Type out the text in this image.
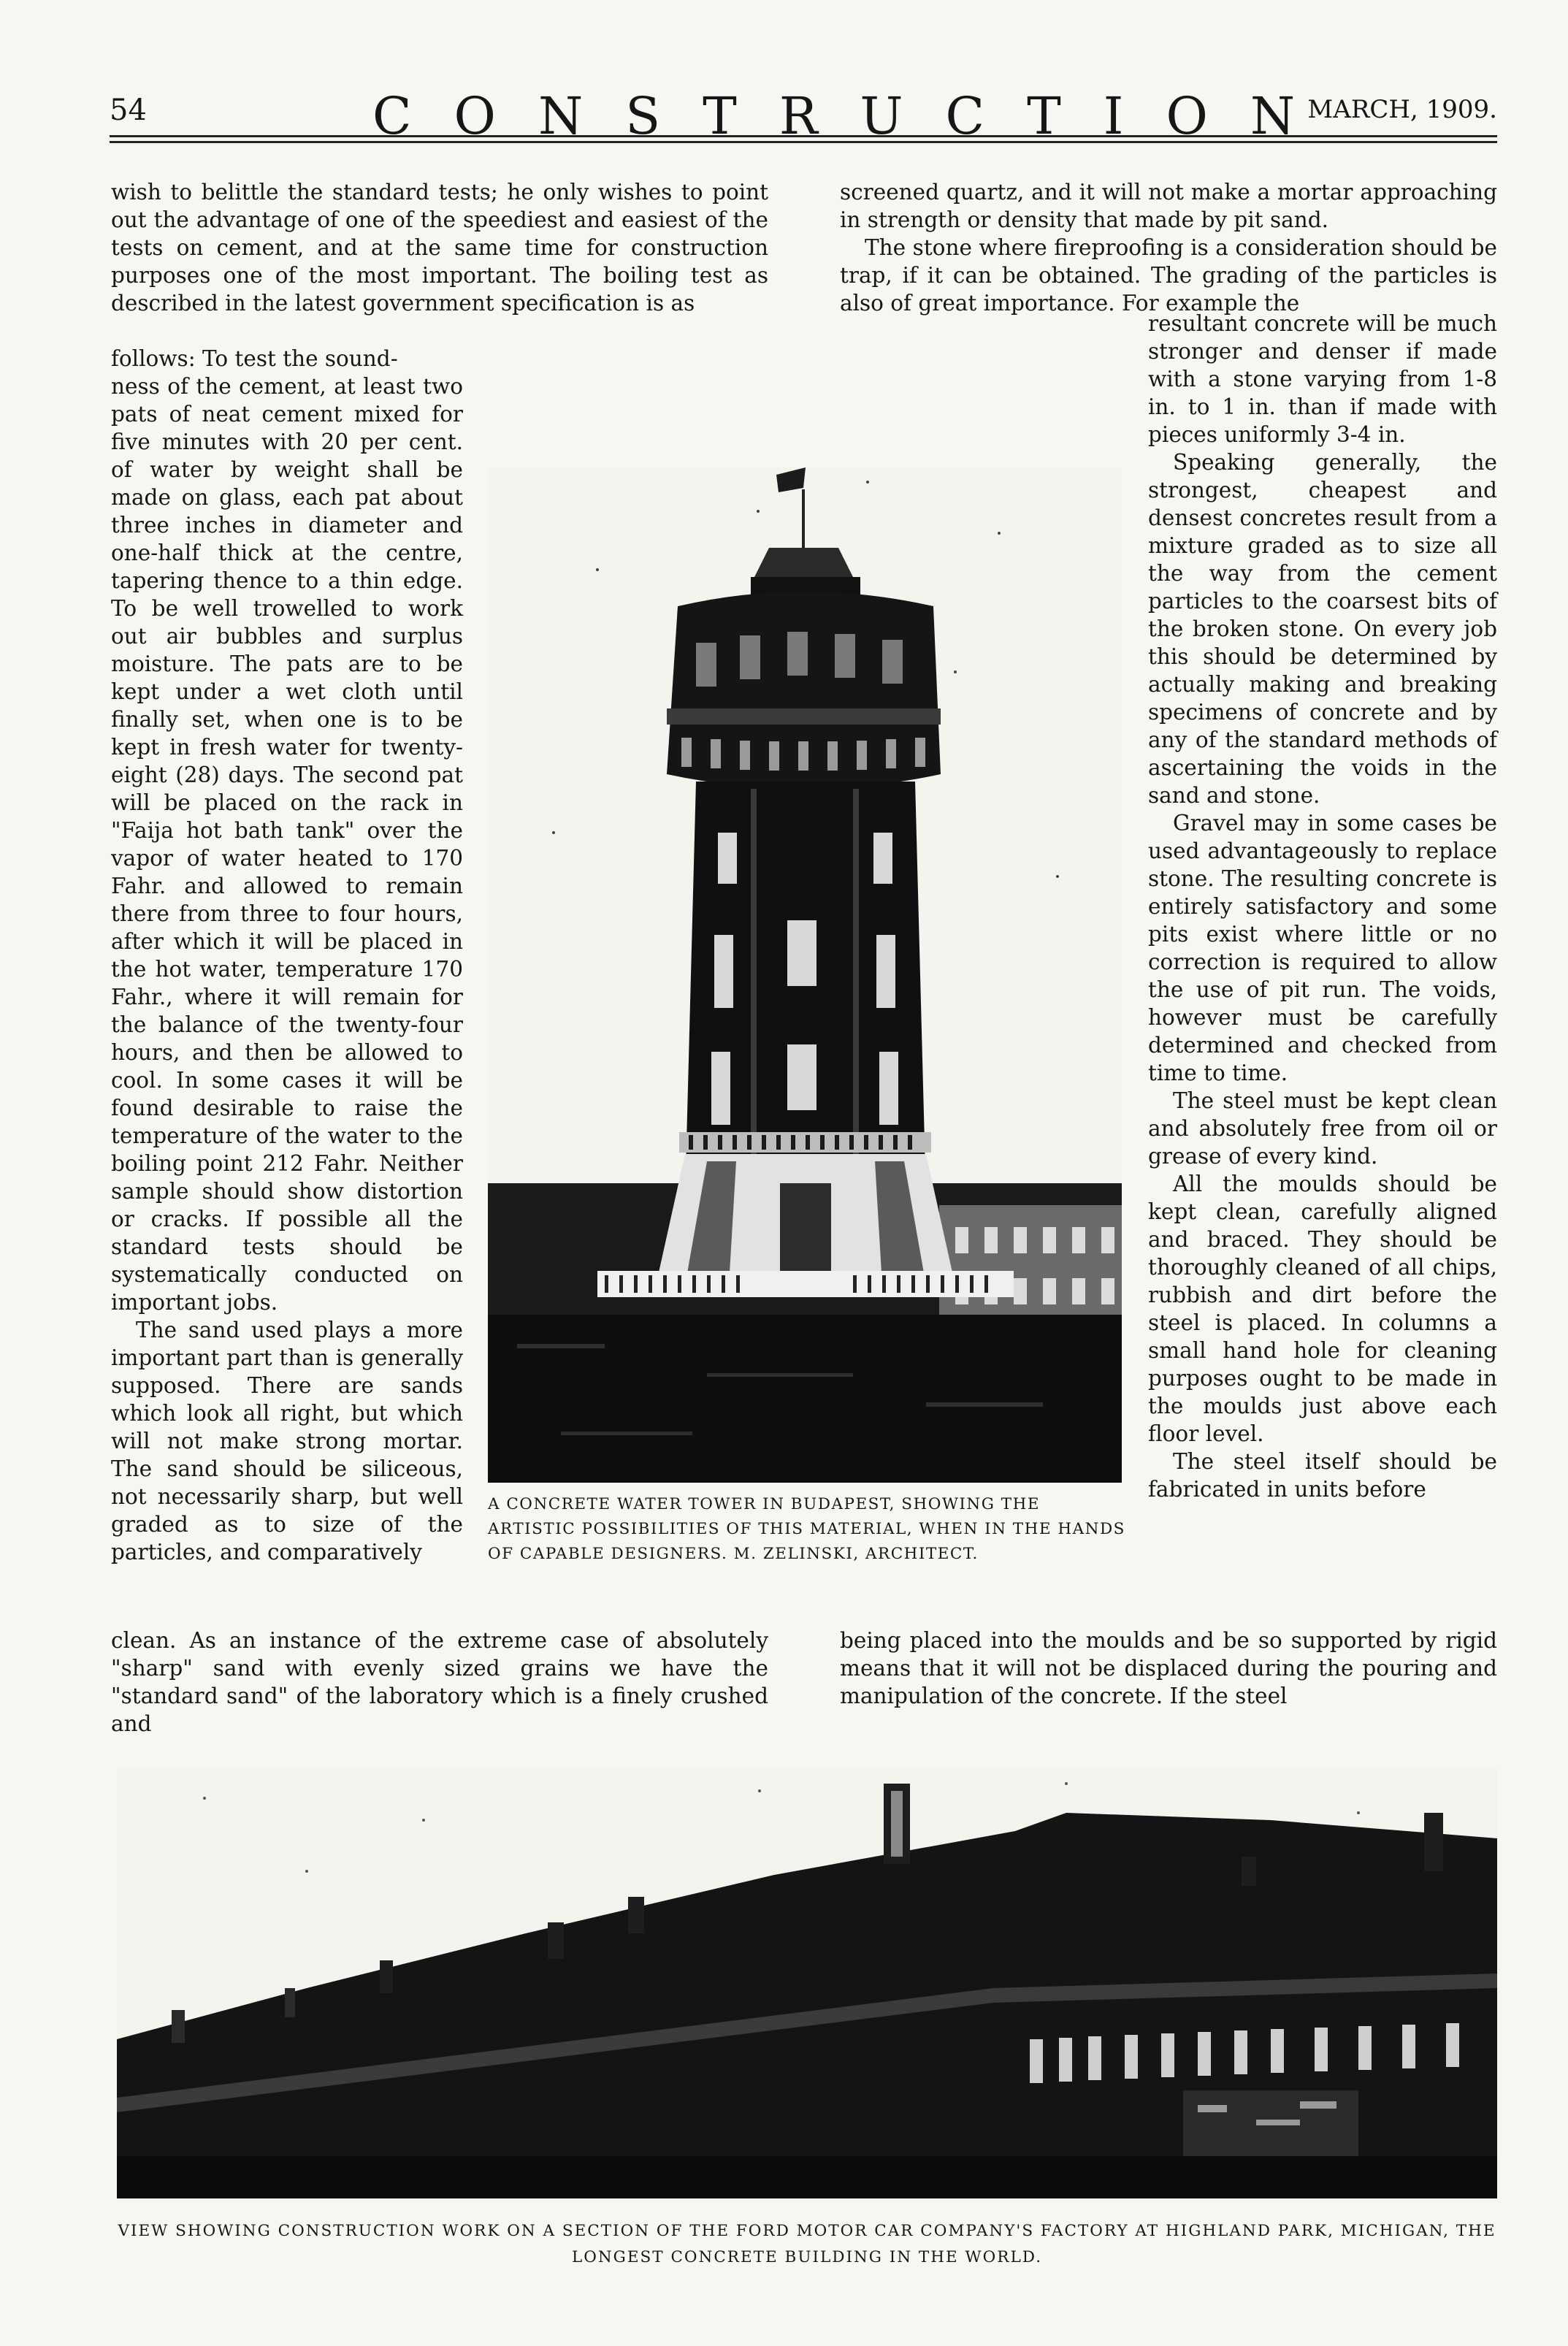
54	CONSTRUCTION
MARCH, 1909.

wish to belittle the standard tests; he only wishes to point out the advantage of one of the speediest and easiest of the tests on cement, and at the same time for construction purposes one of the most important. The boiling test as described in the latest government specification is as

follows: To test the sound-

ness of the cement, at least two pats of neat cement mixed for five minutes with 20 per cent. of water by weight shall be made on glass, each pat about three inches in diameter and one-half thick at the centre, tapering thence to a thin edge. To be well trowelled to work out air bubbles and surplus moisture. The pats are to be kept under a wet cloth until finally set, when one is to be kept in fresh water for twenty-eight (28) days. The second pat will be placed on the rack in "Faija hot bath tank" over the vapor of water heated to 170 Fahr. and allowed to remain there from three to four hours, after which it will be placed in the hot water, temperature 170 Fahr., where it will remain for the balance of the twenty-four hours, and then be allowed to cool. In some cases it will be found desirable to raise the temperature of the water to the boiling point 212 Fahr. Neither sample should show distortion or cracks. If possible all the standard tests should be systematically conducted on important jobs.

The sand used plays a more important part than is generally supposed. There are sands which look all right, but which will not make strong mortar. The sand should be siliceous, not necessarily sharp, but well graded as to size of the particles, and comparatively

clean. As an instance of the extreme case of absolutely "sharp" sand with evenly sized grains we have the "standard sand" of the laboratory which is a finely crushed and

screened quartz, and it will not make a mortar approaching in strength or density that made by pit sand.

The stone where fireproofing is a consideration should be trap, if it can be obtained. The grading of the particles is also of great importance. For example the

resultant concrete will be much stronger and denser if made with a stone varying from 1-8 in. to 1 in. than if made with pieces uniformly 3-4 in.

Speaking generally, the strongest, cheapest and densest concretes result from a mixture graded as to size all the way from the cement particles to the coarsest bits of the broken stone. On every job this should be determined by actually making and breaking specimens of concrete and by any of the standard methods of ascertaining the voids in the sand and stone.

Gravel may in some cases be used advantageously to replace stone. The resulting concrete is entirely satisfactory and some pits exist where little or no correction is required to allow the use of pit run. The voids, however must be carefully determined and checked from time to time.

The steel must be kept clean and absolutely free from oil or grease of every kind.

All the moulds should be kept clean, carefully aligned and braced. They should be thoroughly cleaned of all chips, rubbish and dirt before the steel is placed. In columns a small hand hole for cleaning purposes ought to be made in the moulds just above each floor level.

The steel itself should be fabricated in units before

being placed into the moulds and be so supported by rigid means that it will not be displaced during the pouring and manipulation of the concrete. If the steel

A CONCRETE WATER TOWER IN BUDAPEST, SHOWING THE ARTISTIC POSSIBILITIES OF THIS MATERIAL, WHEN IN THE HANDS OF CAPABLE DESIGNERS. M. ZELINSKI, ARCHITECT.
VIEW SHOWING CONSTRUCTION WORK ON A SECTION OF THE FORD MOTOR CAR COMPANY'S FACTORY AT HIGHLAND PARK, MICHIGAN, THE LONGEST CONCRETE BUILDING IN THE WORLD.
